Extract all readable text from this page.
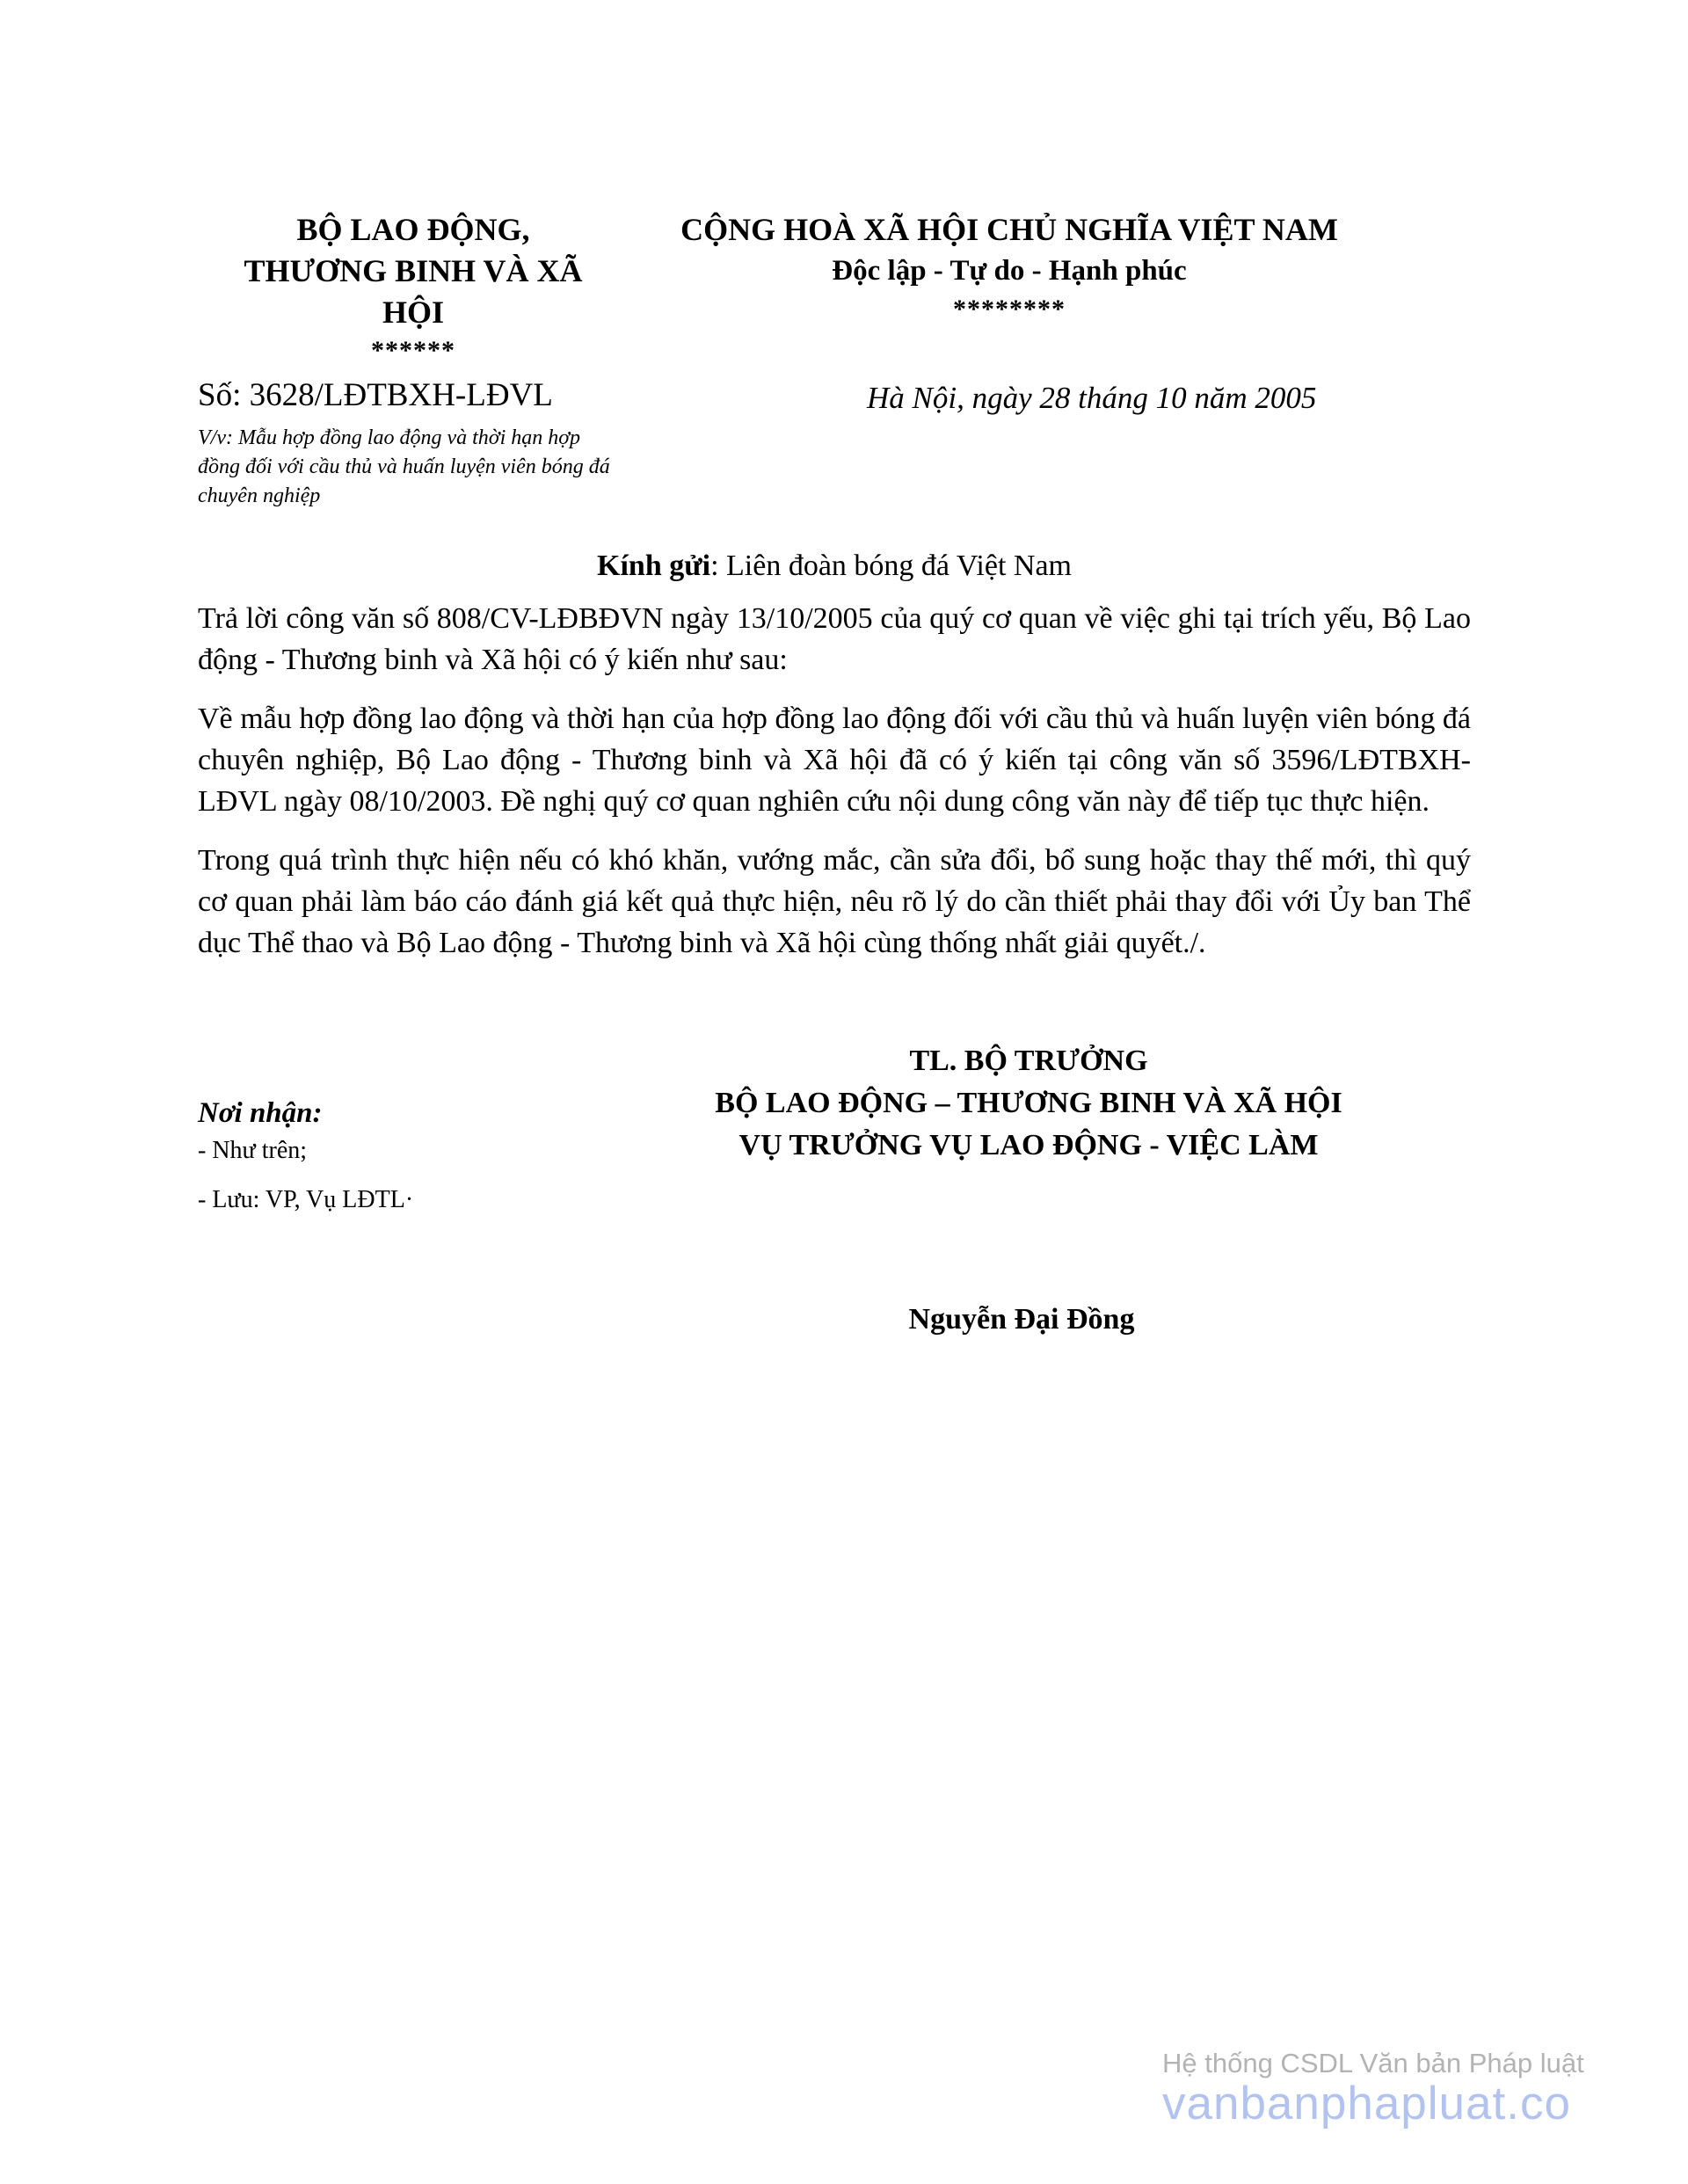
BỘ LAO ĐỘNG,
THƯƠNG BINH VÀ XÃ
HỘI
******
CỘNG HOÀ XÃ HỘI CHỦ NGHĨA VIỆT NAM
Độc lập - Tự do - Hạnh phúc
********
Số: 3628/LĐTBXH-LĐVL	Hà Nội, ngày 28 tháng 10 năm 2005
V/v: Mẫu hợp đồng lao động và thời hạn hợp đồng đối với cầu thủ và huấn luyện viên bóng đá chuyên nghiệp
Kính gửi: Liên đoàn bóng đá Việt Nam

Trả lời công văn số 808/CV-LĐBĐVN ngày 13/10/2005 của quý cơ quan về việc ghi tại trích yếu, Bộ Lao động - Thương binh và Xã hội có ý kiến như sau:

Về mẫu hợp đồng lao động và thời hạn của hợp đồng lao động đối với cầu thủ và huấn luyện viên bóng đá chuyên nghiệp, Bộ Lao động - Thương binh và Xã hội đã có ý kiến tại công văn số 3596/LĐTBXH-LĐVL ngày 08/10/2003. Đề nghị quý cơ quan nghiên cứu nội dung công văn này để tiếp tục thực hiện.

Trong quá trình thực hiện nếu có khó khăn, vướng mắc, cần sửa đổi, bổ sung hoặc thay thế mới, thì quý cơ quan phải làm báo cáo đánh giá kết quả thực hiện, nêu rõ lý do cần thiết phải thay đổi với Ủy ban Thể dục Thể thao và Bộ Lao động - Thương binh và Xã hội cùng thống nhất giải quyết./.

TL. BỘ TRƯỞNG
BỘ LAO ĐỘNG – THƯƠNG BINH VÀ XÃ HỘI
VỤ TRƯỞNG VỤ LAO ĐỘNG - VIỆC LÀM
Nơi nhận:
- Như trên;
- Lưu: VP, Vụ LĐTL·
Nguyễn Đại Đồng
Hệ thống CSDL Văn bản Pháp luật
vanbanphapluat.co
